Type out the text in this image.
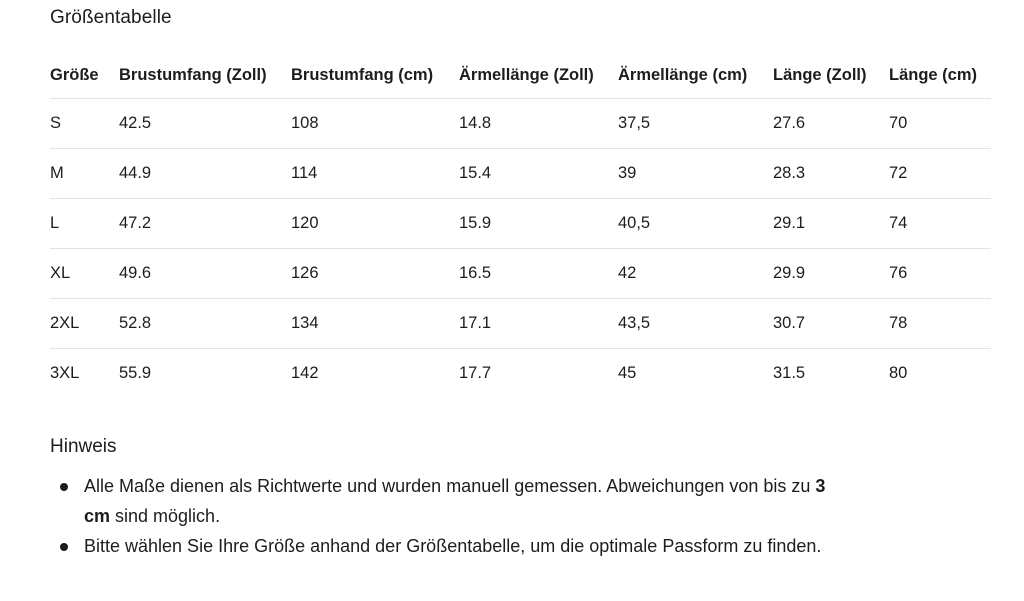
Größentabelle
Größe	Brustumfang (Zoll)	Brustumfang (cm)	Ärmellänge (Zoll)	Ärmellänge (cm)	Länge (Zoll)	Länge (cm)
S	42.5	108	14.8	37,5	27.6	70
M	44.9	114	15.4	39	28.3	72
L	47.2	120	15.9	40,5	29.1	74
XL	49.6	126	16.5	42	29.9	76
2XL	52.8	134	17.1	43,5	30.7	78
3XL	55.9	142	17.7	45	31.5	80
Hinweis
Alle Maße dienen als Richtwerte und wurden manuell gemessen. Abweichungen von bis zu 3 cm sind möglich.
Bitte wählen Sie Ihre Größe anhand der Größentabelle, um die optimale Passform zu finden.
